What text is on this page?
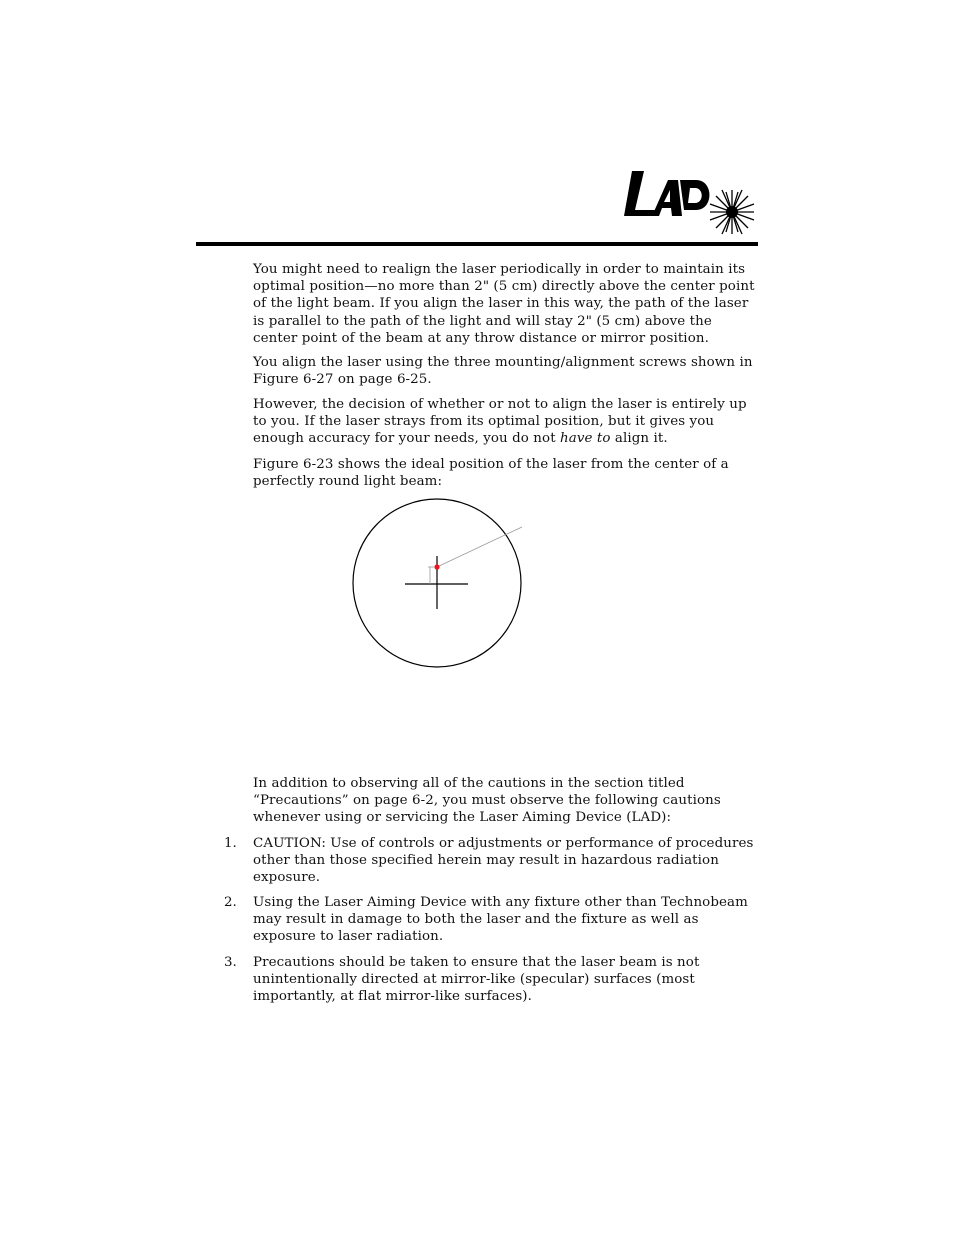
You might need to realign the laser periodically in order to maintain its optimal position—no more than 2" (5 cm) directly above the center point of the light beam. If you align the laser in this way, the path of the laser is parallel to the path of the light and will stay 2" (5 cm) above the center point of the beam at any throw distance or mirror position.

You align the laser using the three mounting/alignment screws shown in Figure 6-27 on page 6-25.

However, the decision of whether or not to align the laser is entirely up to you. If the laser strays from its optimal position, but it gives you enough accuracy for your needs, you do not have to align it.

Figure 6-23 shows the ideal position of the laser from the center of a perfectly round light beam:

In addition to observing all of the cautions in the section titled “Precautions” on page 6-2, you must observe the following cautions whenever using or servicing the Laser Aiming Device (LAD):

1. CAUTION: Use of controls or adjustments or performance of procedures other than those specified herein may result in hazardous radiation exposure.

2. Using the Laser Aiming Device with any fixture other than Technobeam may result in damage to both the laser and the fixture as well as exposure to laser radiation.

3. Precautions should be taken to ensure that the laser beam is not unintentionally directed at mirror-like (specular) surfaces (most importantly, at flat mirror-like surfaces).
